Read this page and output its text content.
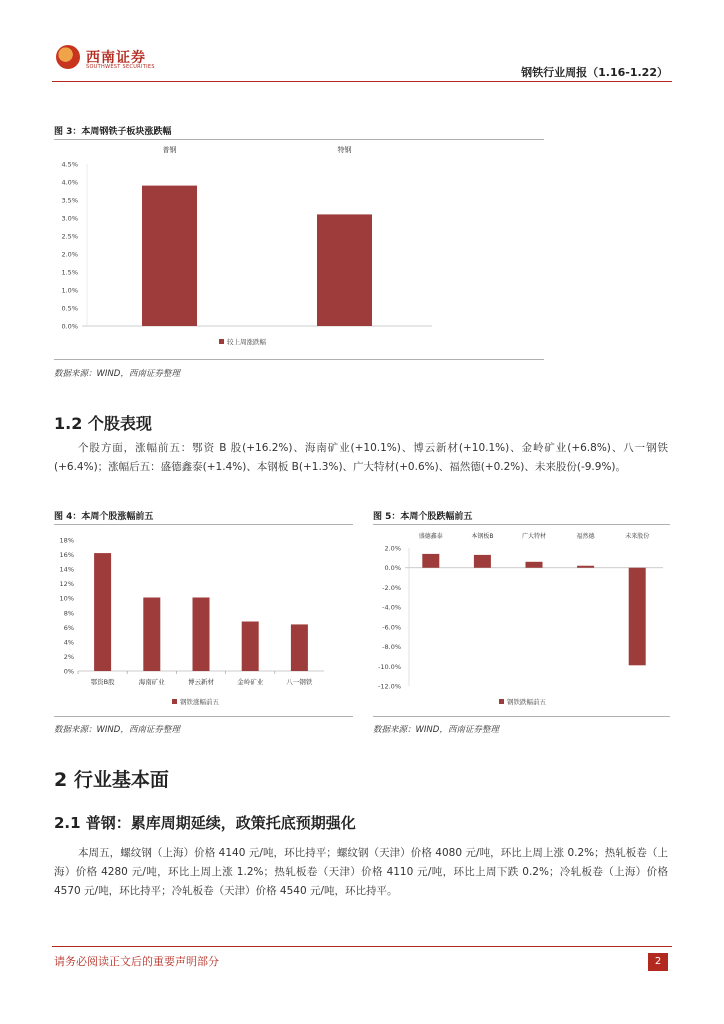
西南证券
SOUTHWEST SECURITIES	钢铁行业周报（1.16-1.22）
图 3：本周钢铁子板块涨跌幅
0.0%
0.5%
1.0%
1.5%
2.0%
2.5%
3.0%
3.5%
4.0%
4.5%
普钢	特钢
较上周涨跌幅
数据来源：WIND，西南证券整理
1.2 个股表现
个股方面，涨幅前五：鄂资 B 股(+16.2%)、海南矿业(+10.1%)、博云新材(+10.1%)、金岭矿业(+6.8%)、八一钢铁(+6.4%)；涨幅后五：盛德鑫泰(+1.4%)、本钢板 B(+1.3%)、广大特材(+0.6%)、福然德(+0.2%)、未来股份(-9.9%)。
图 4：本周个股涨幅前五
0%
2%
4%
6%
8%
10%
12%
14%
16%
18%
鄂资B股	海南矿业	博云新材	金岭矿业	八一钢铁
钢铁涨幅前五
数据来源：WIND，西南证券整理
图 5：本周个股跌幅前五
-12.0%
-10.0%
-8.0%
-6.0%
-4.0%
-2.0%
0.0%
2.0%
盛德鑫泰	本钢板B	广大特材	福然德	未来股份
钢铁跌幅前五
数据来源：WIND，西南证券整理
2 行业基本面
2.1 普钢：累库周期延续，政策托底预期强化
本周五，螺纹钢（上海）价格 4140 元/吨，环比持平；螺纹钢（天津）价格 4080 元/吨，环比上周上涨 0.2%；热轧板卷（上海）价格 4280 元/吨，环比上周上涨 1.2%；热轧板卷（天津）价格 4110 元/吨，环比上周下跌 0.2%；冷轧板卷（上海）价格 4570 元/吨，环比持平；冷轧板卷（天津）价格 4540 元/吨，环比持平。
请务必阅读正文后的重要声明部分	2
